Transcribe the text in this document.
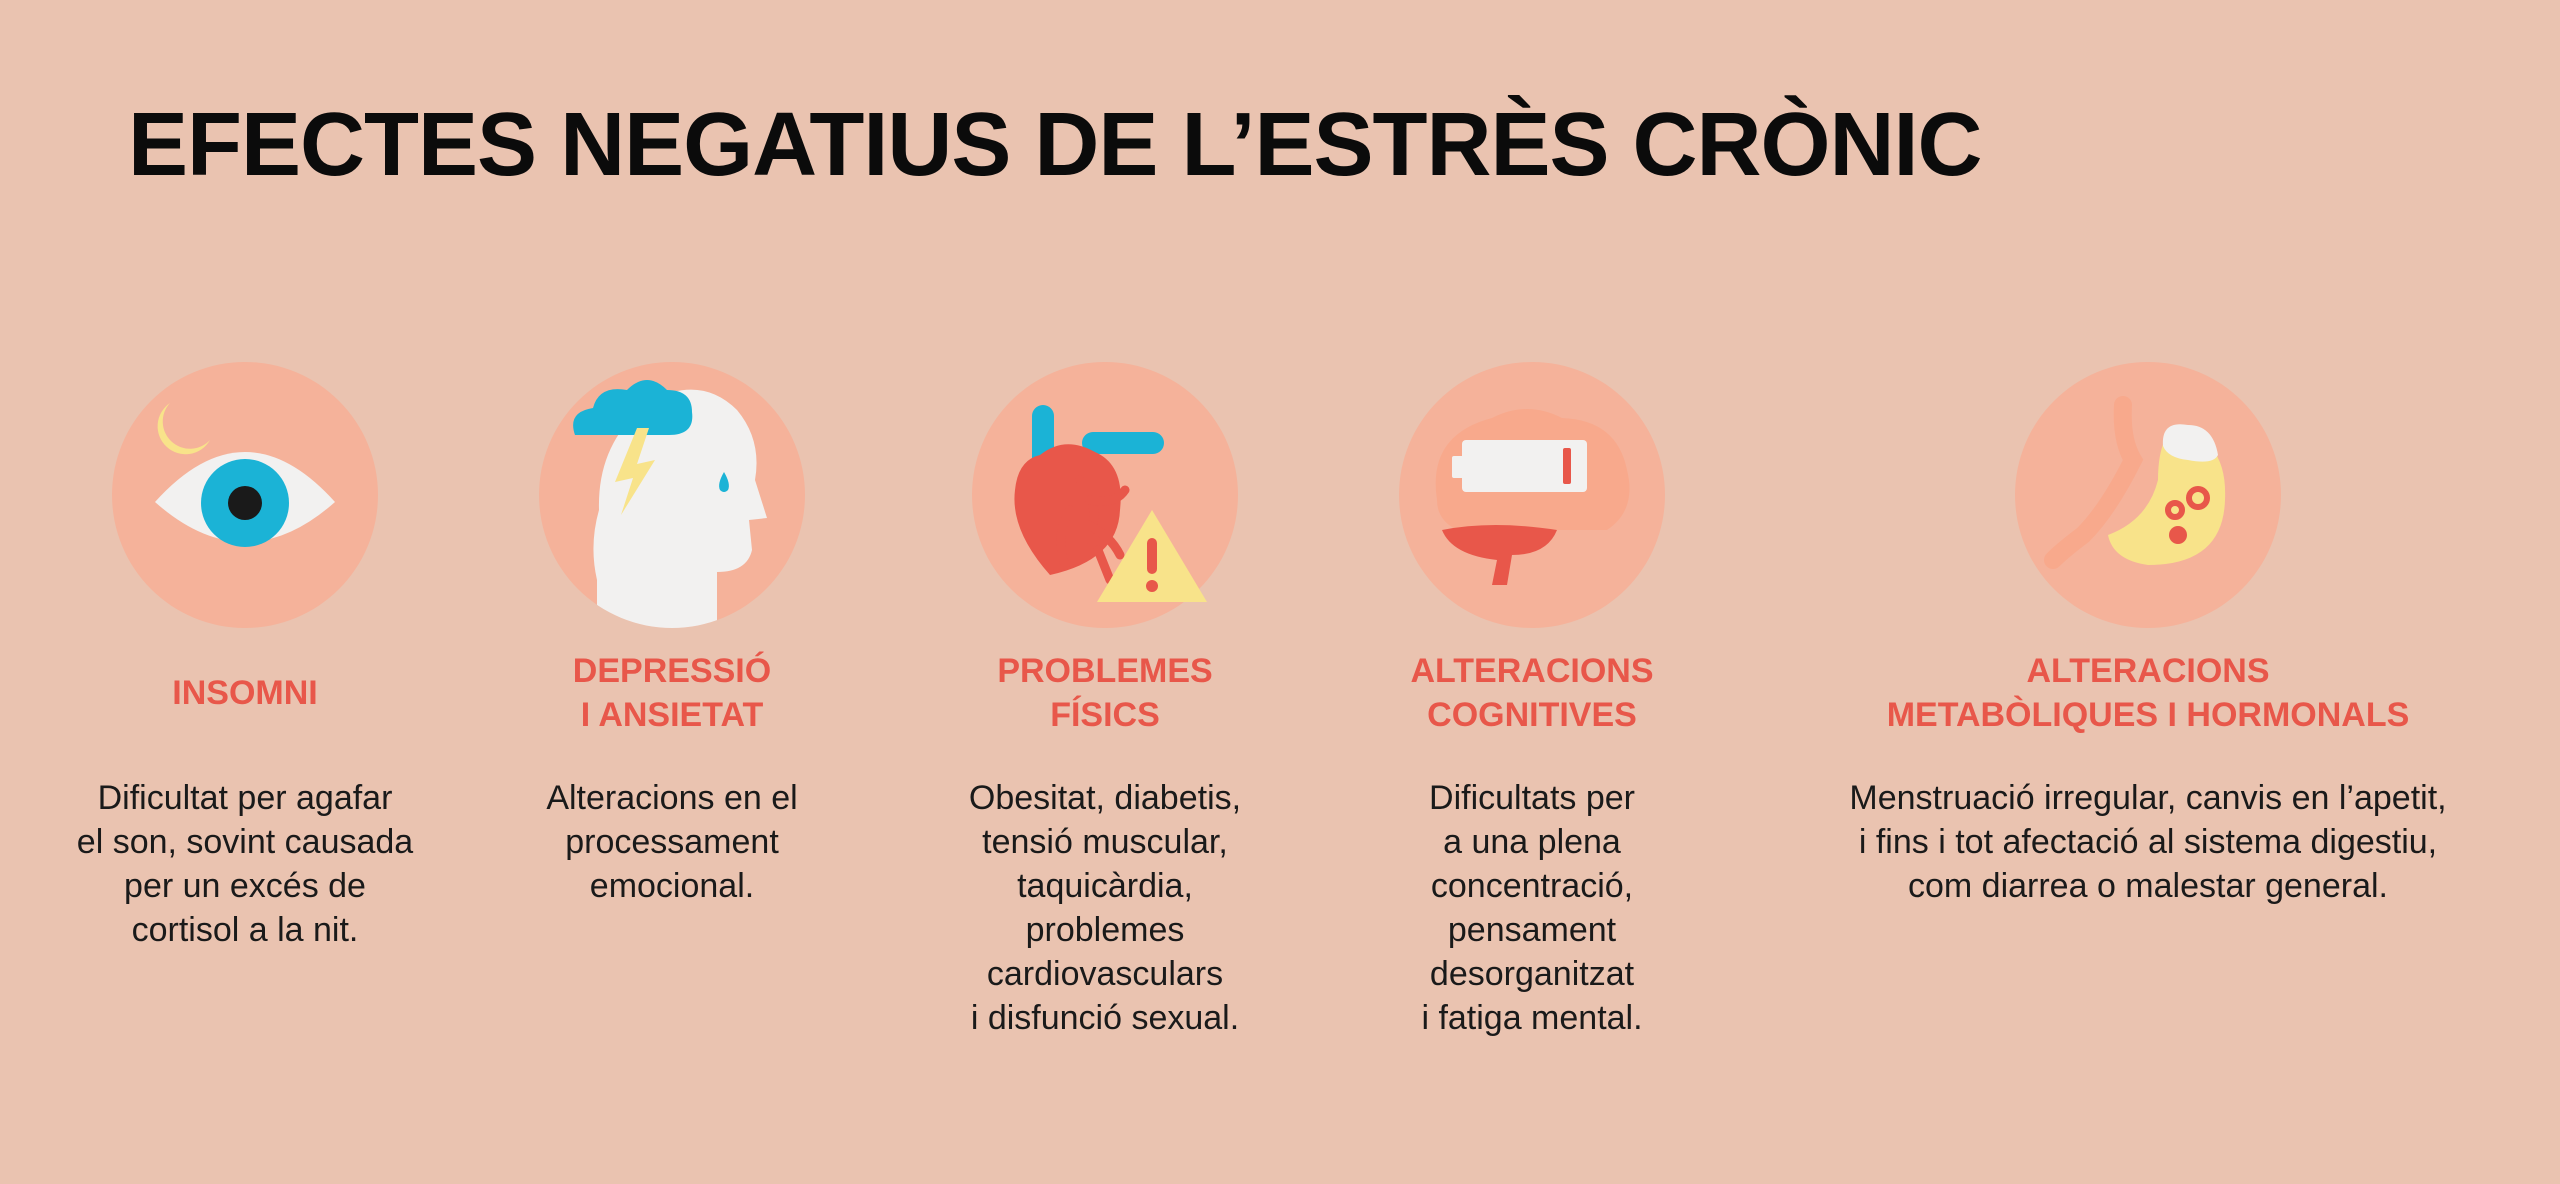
EFECTES NEGATIUS DE L’ESTRÈS CRÒNIC
INSOMNI
Dificultat per agafar
el son, sovint causada
per un excés de
cortisol a la nit.
DEPRESSIÓ
I ANSIETAT
Alteracions en el
processament
emocional.
PROBLEMES
FÍSICS
Obesitat, diabetis,
tensió muscular,
taquicàrdia,
problemes
cardiovasculars
i disfunció sexual.
ALTERACIONS
COGNITIVES
Dificultats per
a una plena
concentració,
pensament
desorganitzat
i fatiga mental.
ALTERACIONS
METABÒLIQUES I HORMONALS
Menstruació irregular, canvis en l’apetit,
i fins i tot afectació al sistema digestiu,
com diarrea o malestar general.
